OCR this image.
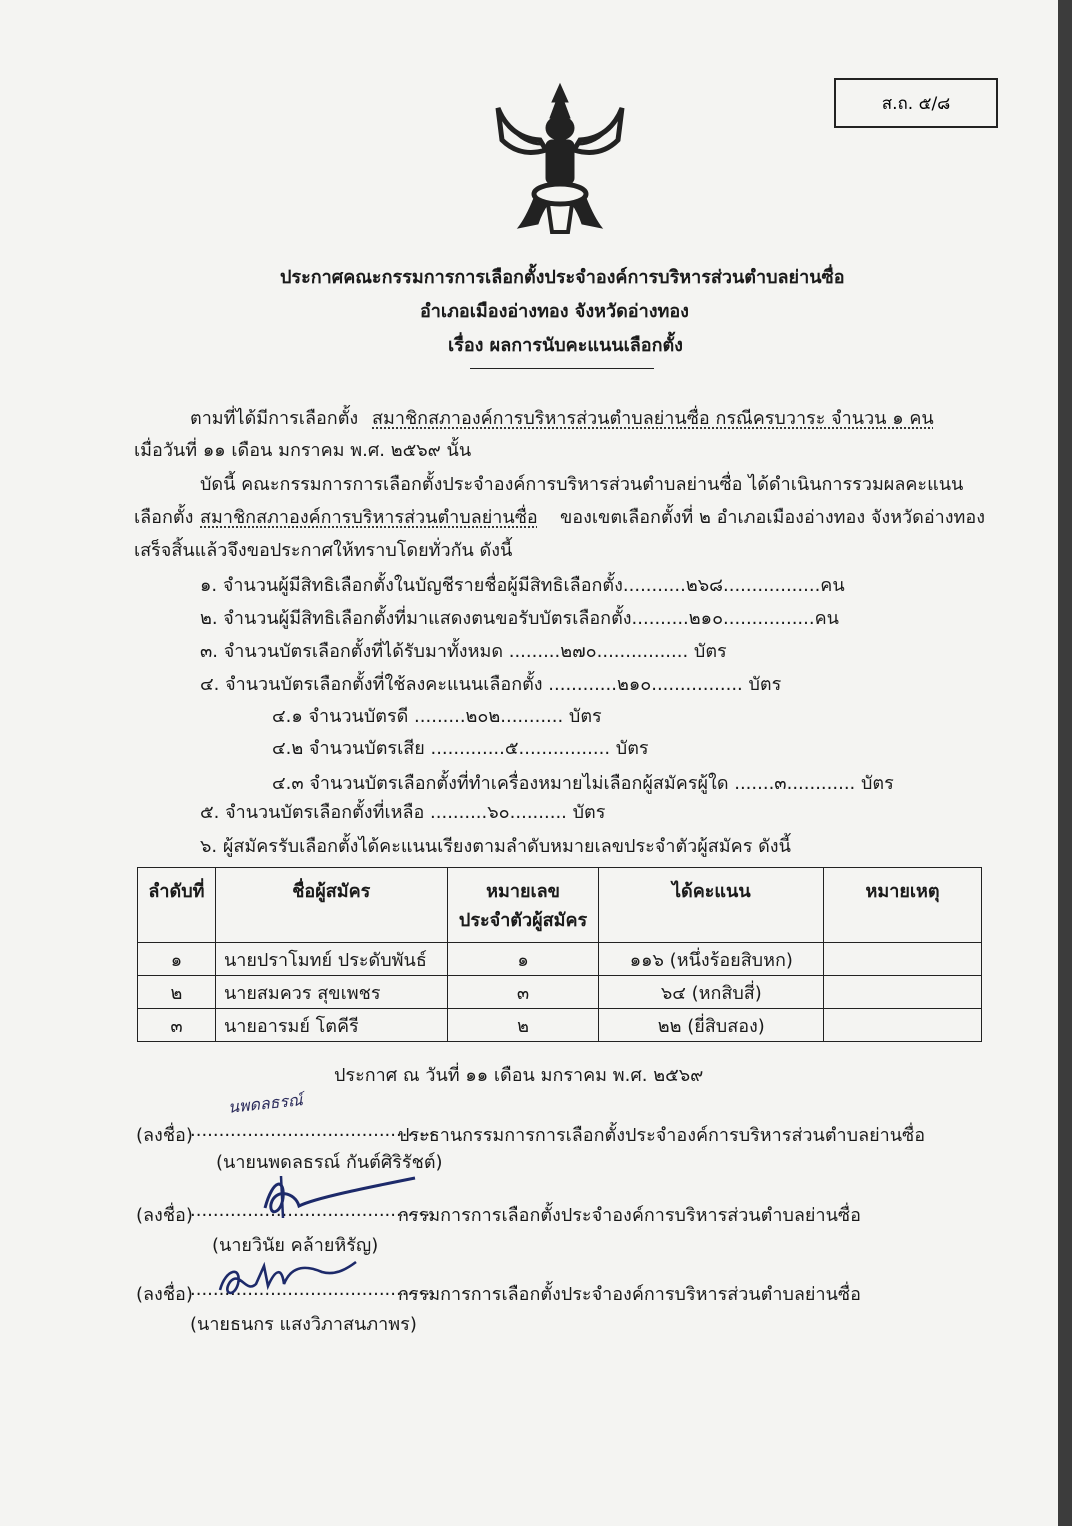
ส.ถ. ๕/๘
ประกาศคณะกรรมการการเลือกตั้งประจำองค์การบริหารส่วนตำบลย่านซื่อ
อำเภอเมืองอ่างทอง จังหวัดอ่างทอง
เรื่อง ผลการนับคะแนนเลือกตั้ง
ตามที่ได้มีการเลือกตั้ง สมาชิกสภาองค์การบริหารส่วนตำบลย่านซื่อ กรณีครบวาระ จำนวน ๑ คน
เมื่อวันที่ ๑๑ เดือน มกราคม พ.ศ. ๒๕๖๙ นั้น
บัดนี้ คณะกรรมการการเลือกตั้งประจำองค์การบริหารส่วนตำบลย่านซื่อ ได้ดำเนินการรวมผลคะแนน
เลือกตั้ง สมาชิกสภาองค์การบริหารส่วนตำบลย่านซื่อ ของเขตเลือกตั้งที่ ๒ อำเภอเมืองอ่างทอง จังหวัดอ่างทอง
เสร็จสิ้นแล้วจึงขอประกาศให้ทราบโดยทั่วกัน ดังนี้
๑. จำนวนผู้มีสิทธิเลือกตั้งในบัญชีรายชื่อผู้มีสิทธิเลือกตั้ง...........๒๖๘.................คน
๒. จำนวนผู้มีสิทธิเลือกตั้งที่มาแสดงตนขอรับบัตรเลือกตั้ง..........๒๑๐................คน
๓. จำนวนบัตรเลือกตั้งที่ได้รับมาทั้งหมด .........๒๗๐................ บัตร
๔. จำนวนบัตรเลือกตั้งที่ใช้ลงคะแนนเลือกตั้ง ............๒๑๐................ บัตร
๔.๑ จำนวนบัตรดี .........๒๐๒........... บัตร
๔.๒ จำนวนบัตรเสีย .............๕................ บัตร
๔.๓ จำนวนบัตรเลือกตั้งที่ทำเครื่องหมายไม่เลือกผู้สมัครผู้ใด .......๓............ บัตร
๕. จำนวนบัตรเลือกตั้งที่เหลือ ..........๖๐.......... บัตร
๖. ผู้สมัครรับเลือกตั้งได้คะแนนเรียงตามลำดับหมายเลขประจำตัวผู้สมัคร ดังนี้
ลำดับที่	ชื่อผู้สมัคร	หมายเลข
ประจำตัวผู้สมัคร	ได้คะแนน	หมายเหตุ
๑	นายปราโมทย์ ประดับพันธ์	๑	๑๑๖ (หนึ่งร้อยสิบหก)	
๒	นายสมควร สุขเพชร	๓	๖๔ (หกสิบสี่)	
๓	นายอารมย์ โตคีรี	๒	๒๒ (ยี่สิบสอง)	
ประกาศ ณ วันที่ ๑๑ เดือน มกราคม พ.ศ. ๒๕๖๙
(ลงชื่อ)
...........................................
ประธานกรรมการการเลือกตั้งประจำองค์การบริหารส่วนตำบลย่านซื่อ
(นายนพดลธรณ์ กันต์ศิริรัชต์)
นพดลธรณ์
(ลงชื่อ)
...........................................
กรรมการการเลือกตั้งประจำองค์การบริหารส่วนตำบลย่านซื่อ
(นายวินัย คล้ายหิรัญ)
(ลงชื่อ)
...........................................
กรรมการการเลือกตั้งประจำองค์การบริหารส่วนตำบลย่านซื่อ
(นายธนกร แสงวิภาสนภาพร)
